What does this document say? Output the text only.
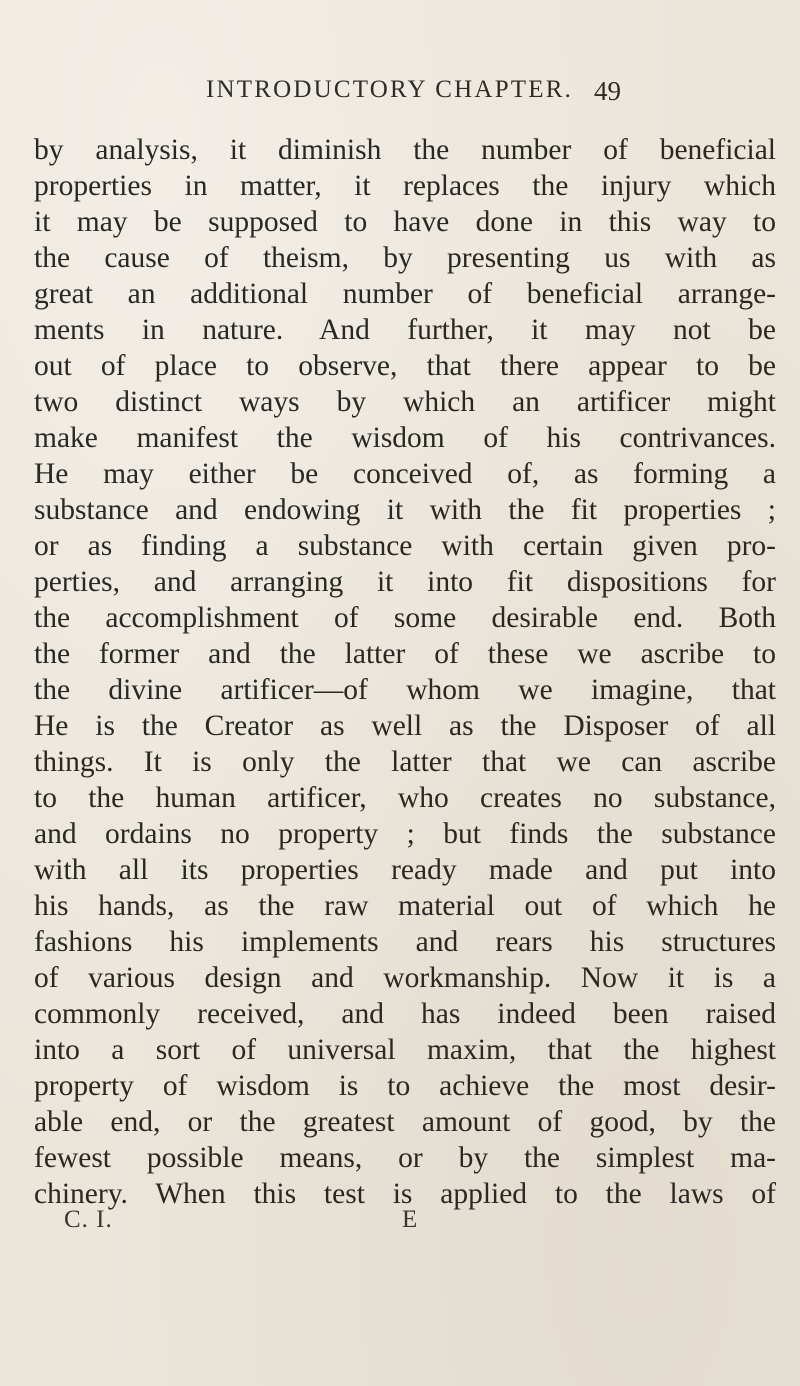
INTRODUCTORY CHAPTER. 49
by analysis, it diminish the number of beneficial
properties in matter, it replaces the injury which
it may be supposed to have done in this way to
the cause of theism, by presenting us with as
great an additional number of beneficial arrange-
ments in nature. And further, it may not be
out of place to observe, that there appear to be
two distinct ways by which an artificer might
make manifest the wisdom of his contrivances.
He may either be conceived of, as forming a
substance and endowing it with the fit properties ;
or as finding a substance with certain given pro-
perties, and arranging it into fit dispositions for
the accomplishment of some desirable end. Both
the former and the latter of these we ascribe to
the divine artificer—of whom we imagine, that
He is the Creator as well as the Disposer of all
things. It is only the latter that we can ascribe
to the human artificer, who creates no substance,
and ordains no property ; but finds the substance
with all its properties ready made and put into
his hands, as the raw material out of which he
fashions his implements and rears his structures
of various design and workmanship. Now it is a
commonly received, and has indeed been raised
into a sort of universal maxim, that the highest
property of wisdom is to achieve the most desir-
able end, or the greatest amount of good, by the
fewest possible means, or by the simplest ma-
chinery. When this test is applied to the laws of
C. I.	E
